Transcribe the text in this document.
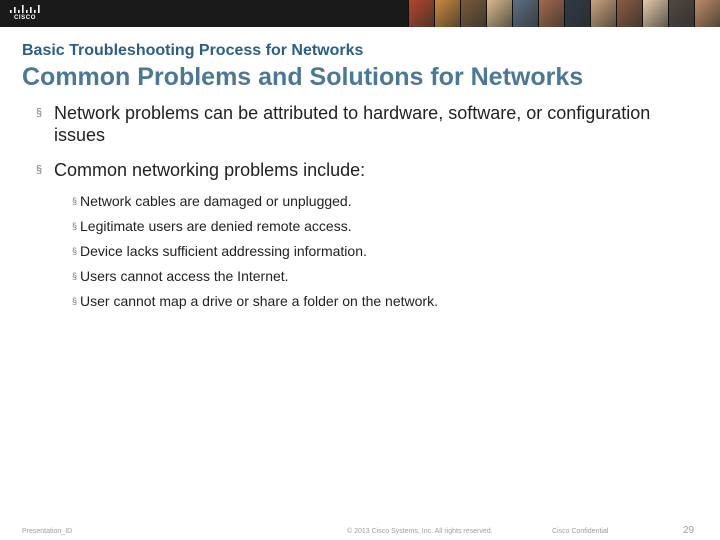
CISCO
Basic Troubleshooting Process for Networks
Common Problems and Solutions for Networks
§ Network problems can be attributed to hardware, software, or configuration issues
§ Common networking problems include:
§ Network cables are damaged or unplugged.
§ Legitimate users are denied remote access.
§ Device lacks sufficient addressing information.
§ Users cannot access the Internet.
§ User cannot map a drive or share a folder on the network.
Presentation_ID	© 2013 Cisco Systems, Inc. All rights reserved.	Cisco Confidential	29
